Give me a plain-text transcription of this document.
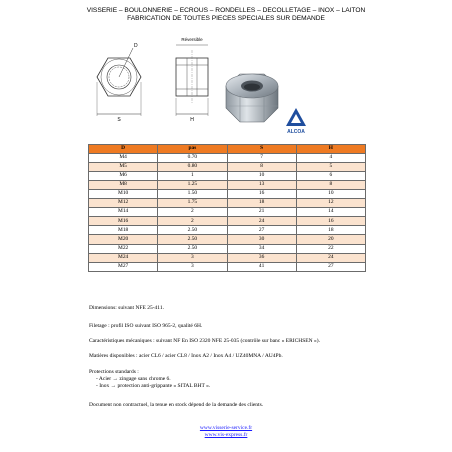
VISSERIE – BOULONNERIE – ECROUS – RONDELLES – DECOLLETAGE – INOX – LAITON
FABRICATION DE TOUTES PIECES SPECIALES SUR DEMANDE
D
S
Réversible
H
ALCOA
D	pas	S	H
M4	0.70	7	4
M5	0.80	8	5
M6	1	10	6
M8	1.25	13	8
M10	1.50	16	10
M12	1.75	18	12
M14	2	21	14
M16	2	24	16
M18	2.50	27	18
M20	2.50	30	20
M22	2.50	34	22
M24	3	36	24
M27	3	41	27
Dimensions: suivant NFE 25-411.
Filetage : profil ISO suivant ISO 965-2, qualité 6H.
Caractéristiques mécaniques : suivant NF En ISO 2320 NFE 25-035 (contrôle sur banc « ERICHSEN »).
Matières disponibles : acier CL6 / acier CL8 / Inox A2 / Inox A4 / UZ40MNA / AU4Pb.
Protections standards :
- Acier → zingage sans chrome 6.
- Inox → protection anti-grippante « SITAL BHT ».
Document non contractuel, la tenue en stock dépend de la demande des clients.
www.visserie-service.fr
www.vis-express.fr
